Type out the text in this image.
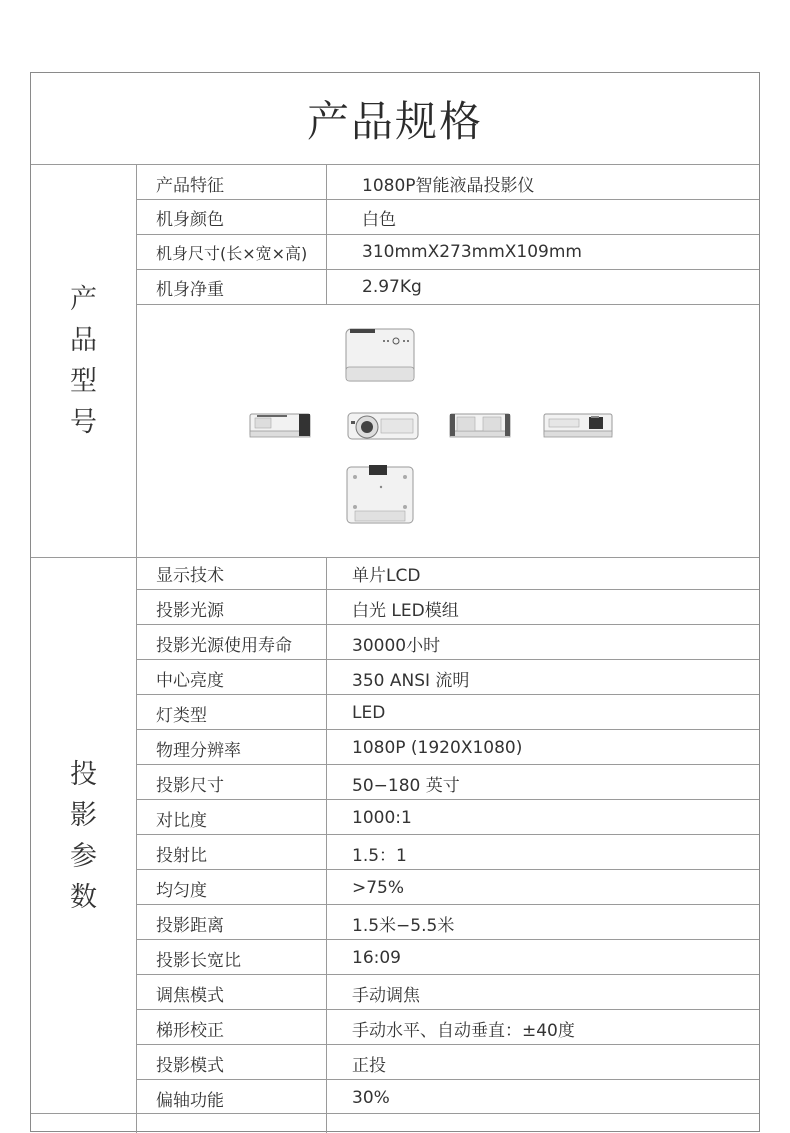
产品规格
产
品
型
号
产品特征	1080P智能液晶投影仪
机身颜色	白色
机身尺寸(长×宽×高)	310mmX273mmX109mm
机身净重	2.97Kg
投
影
参
数
显示技术	单片LCD
投影光源	白光 LED模组
投影光源使用寿命	30000小时
中心亮度	350 ANSI 流明
灯类型	LED
物理分辨率	1080P (1920X1080)
投影尺寸	50−180 英寸
对比度	1000:1
投射比	1.5：1
均匀度	>75%
投影距离	1.5米−5.5米
投影长宽比	16:09
调焦模式	手动调焦
梯形校正	手动水平、自动垂直：±40度
投影模式	正投
偏轴功能	30%
